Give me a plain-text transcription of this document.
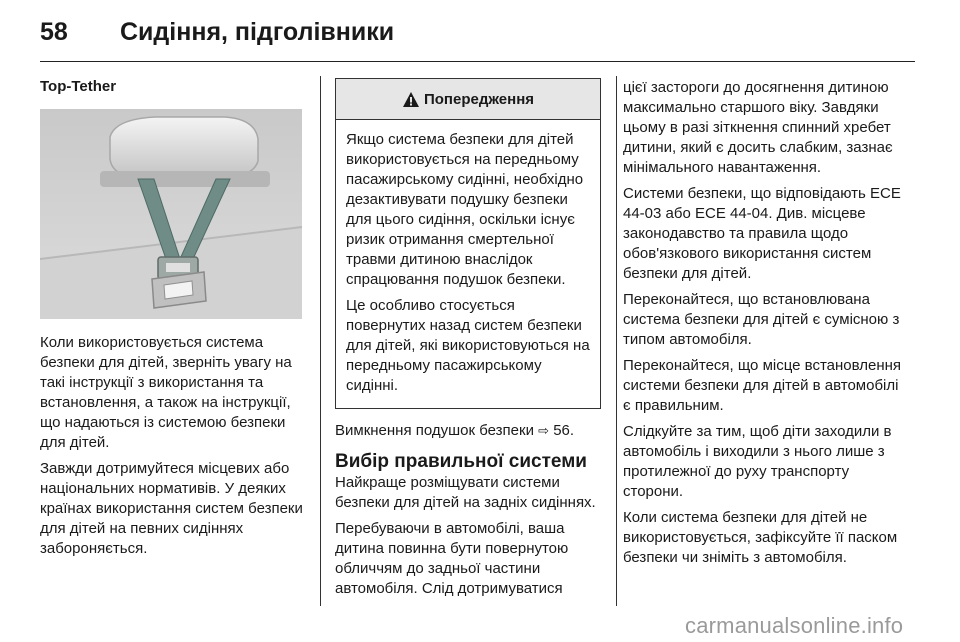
58 Сидіння, підголівники
Top-Tether

Коли використовується система безпеки для дітей, зверніть увагу на такі інструкції з використання та встановлення, а також на інструкції, що надаються із системою безпеки для дітей.

Завжди дотримуйтеся місцевих або національних нормативів. У деяких країнах використання систем безпеки для дітей на певних сидіннях забороняється.

Попередження

Якщо система безпеки для дітей використовується на передньому пасажирському сидінні, необхідно дезактивувати подушку безпеки для цього сидіння, оскільки існує ризик отримання смертельної травми дитиною внаслідок спрацювання подушок безпеки.

Це особливо стосується повернутих назад систем безпеки для дітей, які використовуються на передньому пасажирському сидінні.

Вимкнення подушок безпеки ⇨ 56.

Вибір правильної системи

Найкраще розміщувати системи безпеки для дітей на задніх сидіннях.

Перебуваючи в автомобілі, ваша дитина повинна бути повернутою обличчям до задньої частини автомобіля. Слід дотримуватися

цієї застороги до досягнення дитиною максимально старшого віку. Завдяки цьому в разі зіткнення спинний хребет дитини, який є досить слабким, зазнає мінімального навантаження.

Системи безпеки, що відповідають ECE 44-03 або ECE 44-04. Див. місцеве законодавство та правила щодо обов'язкового використання систем безпеки для дітей.

Переконайтеся, що встановлювана система безпеки для дітей є сумісною з типом автомобіля.

Переконайтеся, що місце встановлення системи безпеки для дітей в автомобілі є правильним.

Слідкуйте за тим, щоб діти заходили в автомобіль і виходили з нього лише з протилежної до руху транспорту сторони.

Коли система безпеки для дітей не використовується, зафіксуйте її паском безпеки чи зніміть з автомобіля.

carmanualsonline.info
